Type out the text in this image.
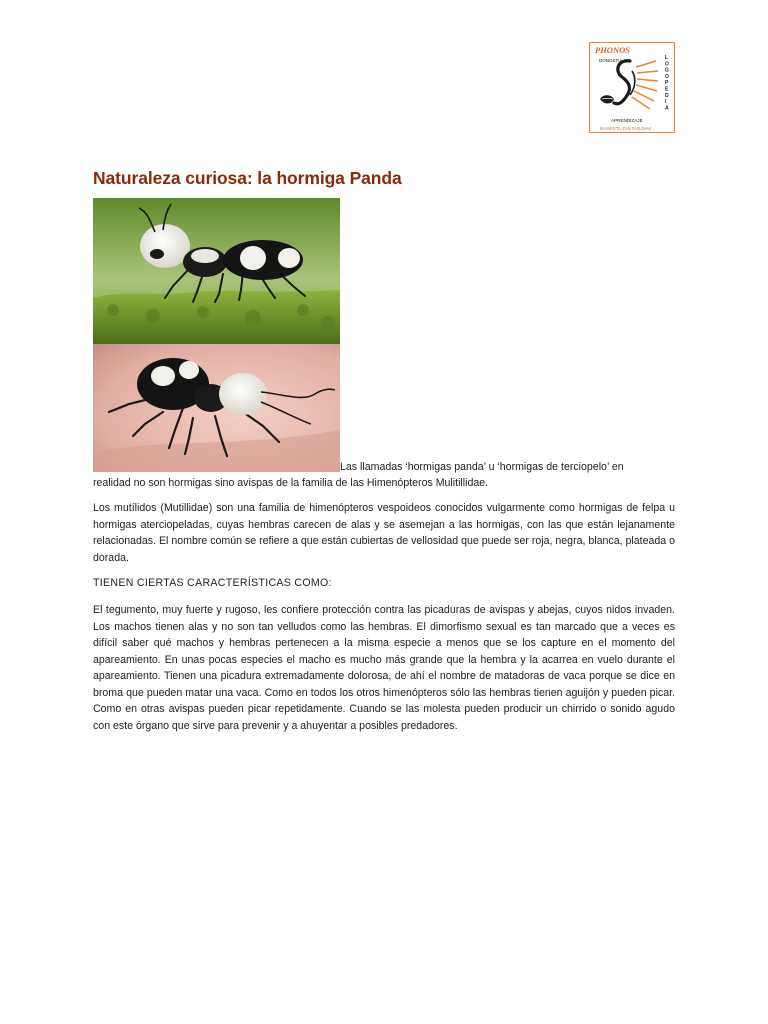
PHONOS
DONOSTIA	L O G O P E D I A
APRENDIZAJE
IKASKETA ZAILTASUNAK
Naturaleza curiosa: la hormiga Panda

Las llamadas ‘hormigas panda’ u ‘hormigas de terciopelo’ en

realidad no son hormigas sino avispas de la familia de las Himenópteros Mulitillidae.

Los mutílidos (Mutillidae) son una familia de himenópteros vespoideos conocidos vulgarmente como hormigas de felpa u hormigas aterciopeladas, cuyas hembras carecen de alas y se asemejan a las hormigas, con las que están lejanamente relacionadas. El nombre común se refiere a que están cubiertas de vellosidad que puede ser roja, negra, blanca, plateada o dorada.

TIENEN CIERTAS CARACTERÍSTICAS COMO:

El tegumento, muy fuerte y rugoso, les confiere protección contra las picaduras de avispas y abejas, cuyos nidos invaden. Los machos tienen alas y no son tan velludos como las hembras. El dimorfismo sexual es tan marcado que a veces es difícil saber qué machos y hembras pertenecen a la misma especie a menos que se los capture en el momento del apareamiento. En unas pocas especies el macho es mucho más grande que la hembra y la acarrea en vuelo durante el apareamiento. Tienen una picadura extremadamente dolorosa, de ahí el nombre de matadoras de vaca porque se dice en broma que pueden matar una vaca. Como en todos los otros himenópteros sólo las hembras tienen aguijón y pueden picar. Como en otras avispas pueden picar repetidamente. Cuando se las molesta pueden producir un chirrido o sonido agudo con este órgano que sirve para prevenir y a ahuyentar a posibles predadores.
